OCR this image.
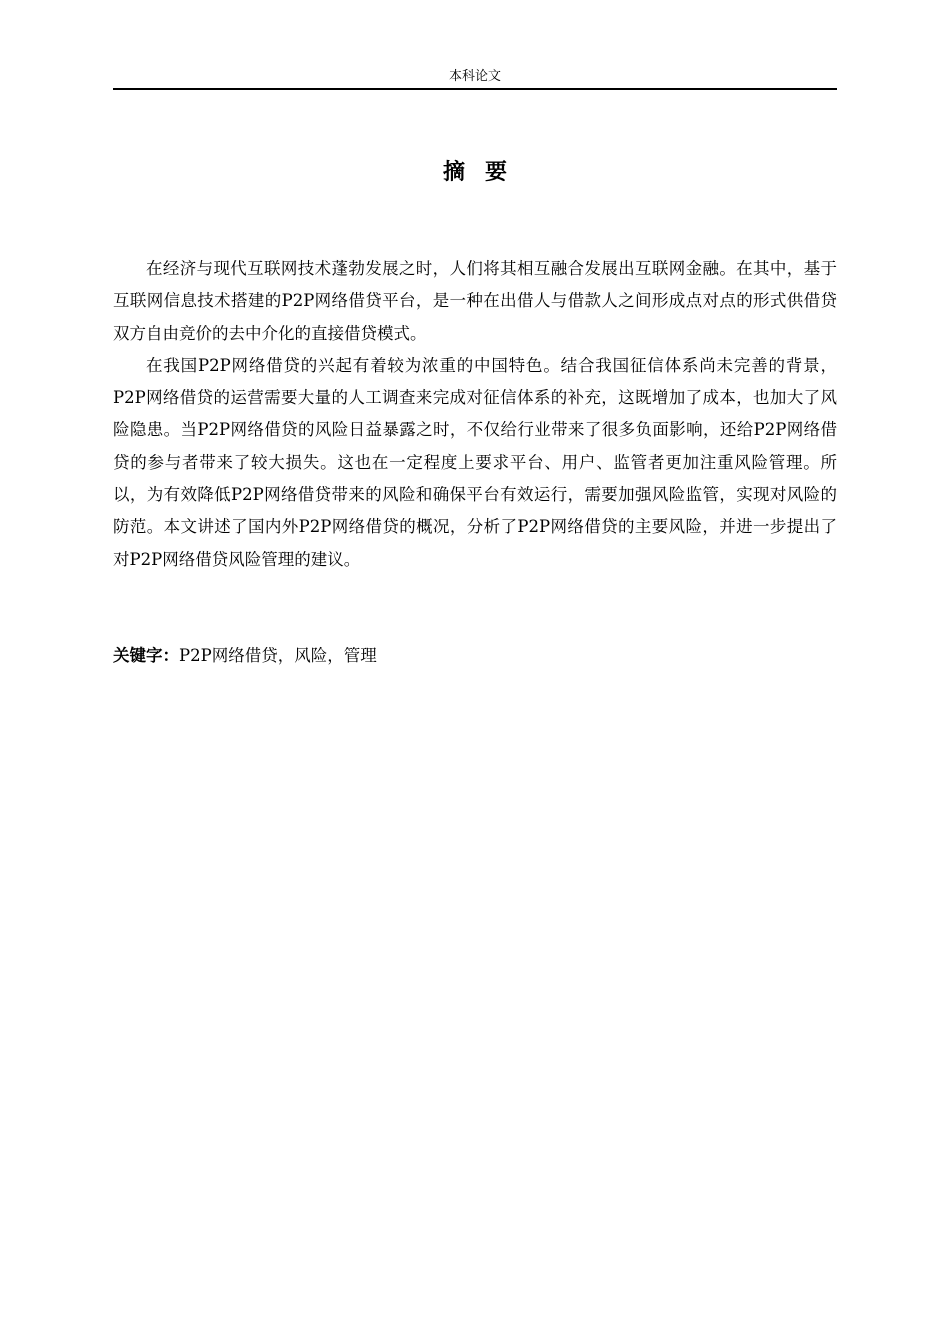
本科论文
摘要

在经济与现代互联网技术蓬勃发展之时，人们将其相互融合发展出互联网金融。在其中，基于互联网信息技术搭建的P2P网络借贷平台，是一种在出借人与借款人之间形成点对点的形式供借贷双方自由竞价的去中介化的直接借贷模式。

在我国P2P网络借贷的兴起有着较为浓重的中国特色。结合我国征信体系尚未完善的背景，P2P网络借贷的运营需要大量的人工调查来完成对征信体系的补充，这既增加了成本，也加大了风险隐患。当P2P网络借贷的风险日益暴露之时，不仅给行业带来了很多负面影响，还给P2P网络借贷的参与者带来了较大损失。这也在一定程度上要求平台、用户、监管者更加注重风险管理。所以，为有效降低P2P网络借贷带来的风险和确保平台有效运行，需要加强风险监管，实现对风险的防范。本文讲述了国内外P2P网络借贷的概况，分析了P2P网络借贷的主要风险，并进一步提出了对P2P网络借贷风险管理的建议。

关键字：P2P网络借贷，风险，管理
